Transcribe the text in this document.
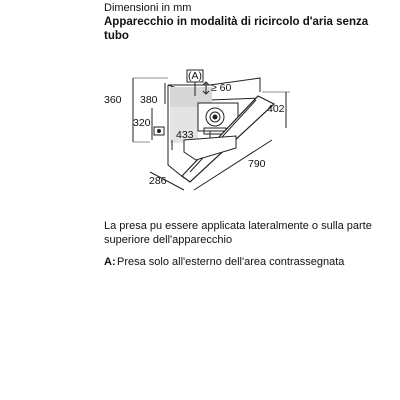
Dimensioni in mm
Apparecchio in modalità di ricircolo d'aria senza tubo
(A)
≥ 60
360 380
402
320
433
790
286
La presa pu essere applicata lateralmente o sulla parte superiore dell'apparecchio
A: Presa solo all'esterno dell'area contrassegnata
